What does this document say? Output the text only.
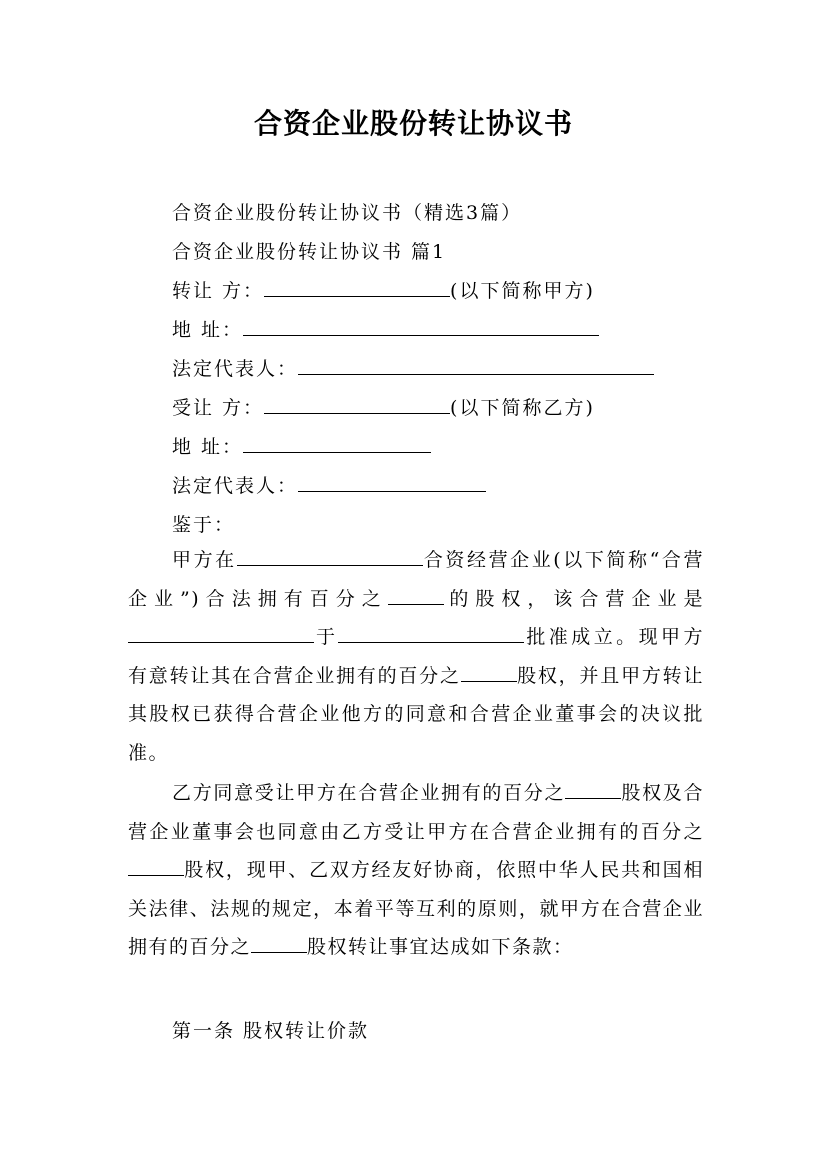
合资企业股份转让协议书
合资企业股份转让协议书（精选3篇）
合资企业股份转让协议书 篇1
转让 方：	(以下简称甲方)
地 址：
法定代表人：
受让 方：	(以下简称乙方)
地 址：
法定代表人：
鉴于：
甲方在	合资经营企业(以下简称“合营企业”)合法拥有百分之	的股权，该合营企业是于	批准成立。现甲方有意转让其在合营企业拥有的百分之	股权，并且甲方转让其股权已获得合营企业他方的同意和合营企业董事会的决议批准。
乙方同意受让甲方在合营企业拥有的百分之	股权及合营企业董事会也同意由乙方受让甲方在合营企业拥有的百分之股权，现甲、乙双方经友好协商，依照中华人民共和国相关法律、法规的规定，本着平等互利的原则，就甲方在合营企业拥有的百分之	股权转让事宜达成如下条款：
第一条 股权转让价款
